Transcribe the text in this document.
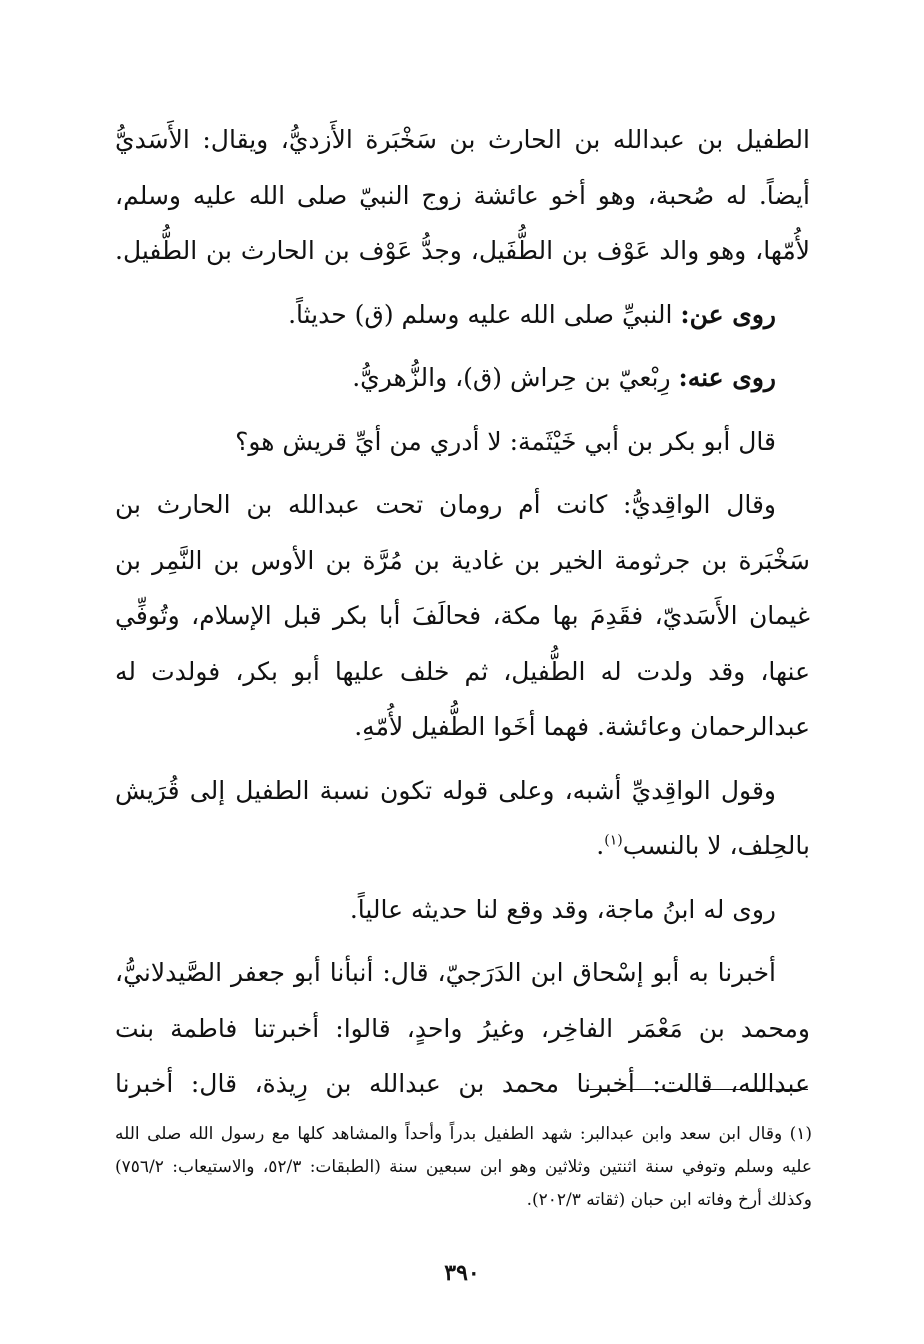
الطفيل بن عبدالله بن الحارث بن سَخْبَرة الأَزديُّ، ويقال: الأَسَديُّ أيضاً. له صُحبة، وهو أخو عائشة زوج النبيّ صلى الله عليه وسلم، لأُمّها، وهو والد عَوْف بن الطُّفَيل، وجدُّ عَوْف بن الحارث بن الطُّفيل.

روى عن: النبيِّ صلى الله عليه وسلم (ق) حديثاً.

روى عنه: رِبْعيّ بن حِراش (ق)، والزُّهريُّ.

قال أبو بكر بن أبي خَيْثَمة: لا أدري من أيِّ قريش هو؟

وقال الواقِديُّ: كانت أم رومان تحت عبدالله بن الحارث بن سَخْبَرة بن جرثومة الخير بن غادية بن مُرَّة بن الأوس بن النَّمِر بن غيمان الأَسَديّ، فقَدِمَ بها مكة، فحالَفَ أبا بكر قبل الإسلام، وتُوفِّي عنها، وقد ولدت له الطُّفيل، ثم خلف عليها أبو بكر، فولدت له عبدالرحمان وعائشة. فهما أخَوا الطُّفيل لأُمّهِ.

وقول الواقِديِّ أشبه، وعلى قوله تكون نسبة الطفيل إلى قُرَيش بالحِلف، لا بالنسب$^{(١)}$.

روى له ابنُ ماجة، وقد وقع لنا حديثه عالياً.

أخبرنا به أبو إسْحاق ابن الدَرَجيّ، قال: أنبأنا أبو جعفر الصَّيدلانيُّ، ومحمد بن مَعْمَر الفاخِر، وغيرُ واحدٍ، قالوا: أخبرتنا فاطمة بنت عبدالله، قالت: أخبرنا محمد بن عبدالله بن رِيذة، قال: أخبرنا

(١) وقال ابن سعد وابن عبدالبر: شهد الطفيل بدراً وأحداً والمشاهد كلها مع رسول الله صلى الله عليه وسلم وتوفي سنة اثنتين وثلاثين وهو ابن سبعين سنة (الطبقات: ٥٢/٣، والاستيعاب: ٧٥٦/٢) وكذلك أرخ وفاته ابن حبان (ثقاته ٢٠٢/٣).

٣٩٠
